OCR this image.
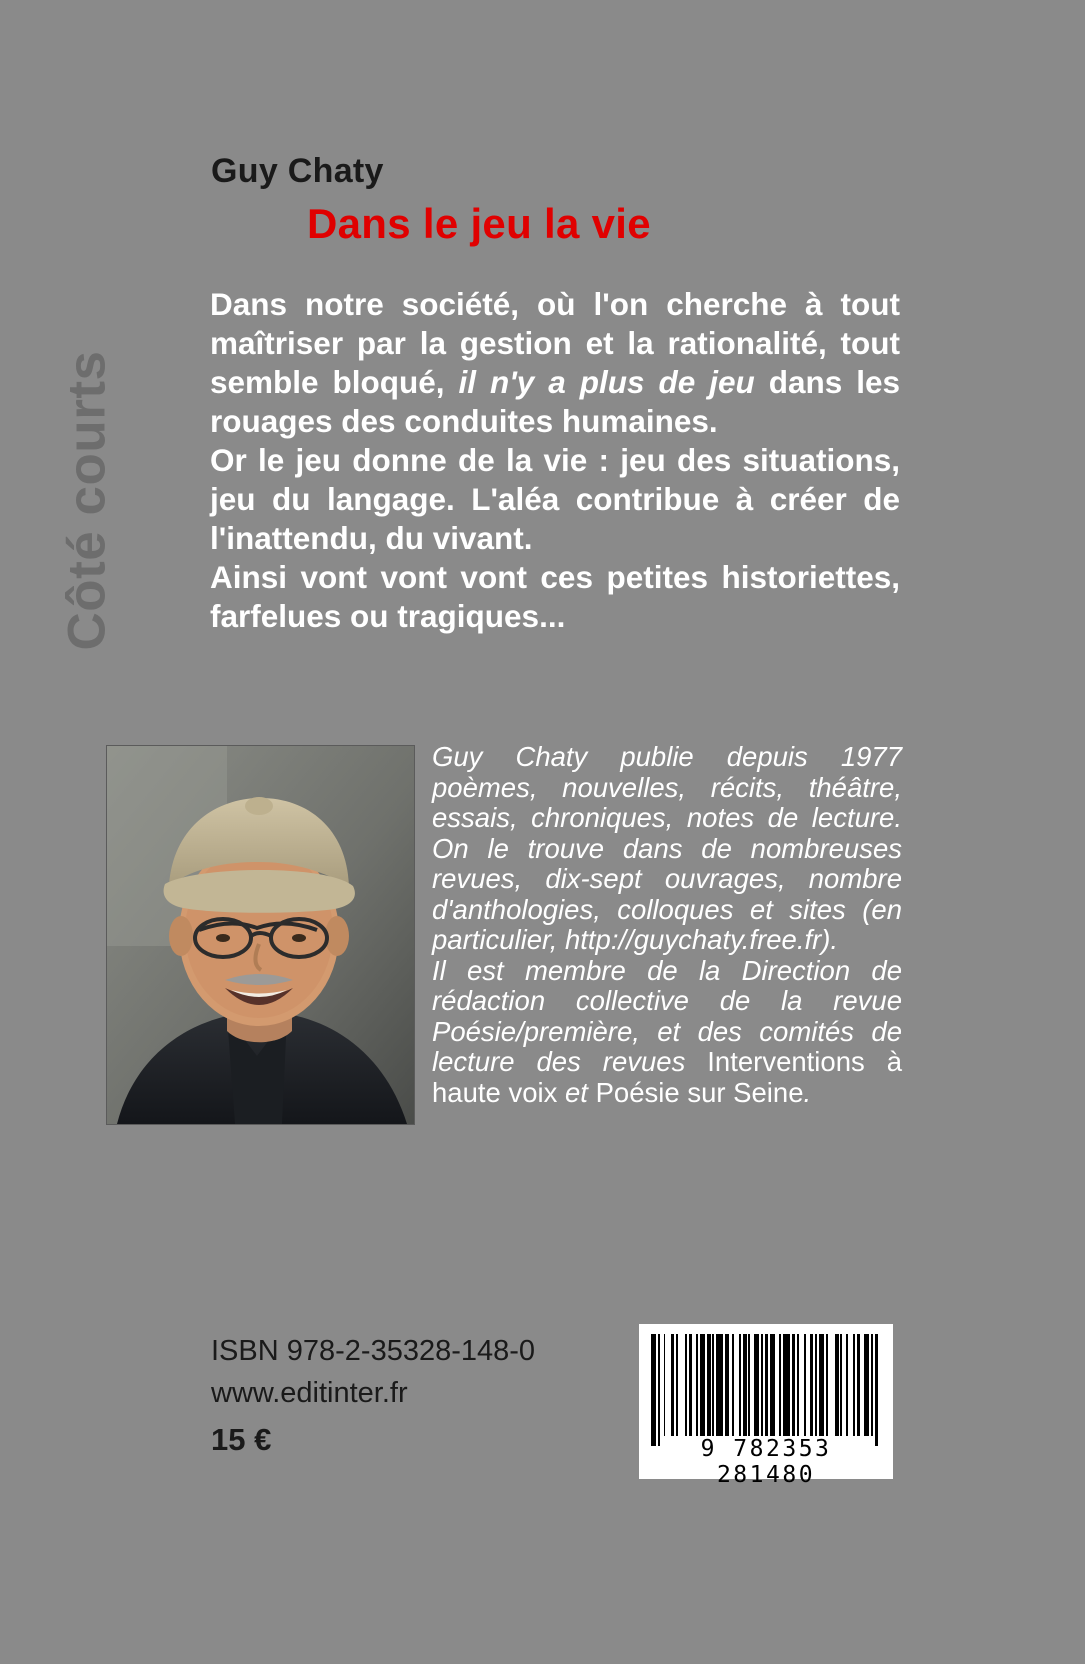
Côté courts
Guy Chaty
Dans le jeu la vie

Dans notre société, où l'on cherche à tout maîtriser par la gestion et la rationalité, tout semble bloqué, il n'y a plus de jeu dans les rouages des conduites humaines.

Or le jeu donne de la vie : jeu des situations, jeu du langage. L'aléa contribue à créer de l'inattendu, du vivant.

Ainsi vont vont vont ces petites historiettes, farfelues ou tragiques...

Guy Chaty publie depuis 1977 poèmes, nouvelles, récits, théâtre, essais, chroniques, notes de lecture. On le trouve dans de nombreuses revues, dix-sept ouvrages, nombre d'anthologies, colloques et sites (en particulier, http://guychaty.free.fr).

Il est membre de la Direction de rédaction collective de la revue Poésie/première, et des comités de lecture des revues Interventions à haute voix et Poésie sur Seine.

ISBN 978-2-35328-148-0
www.editinter.fr
15 €	9 782353 281480
